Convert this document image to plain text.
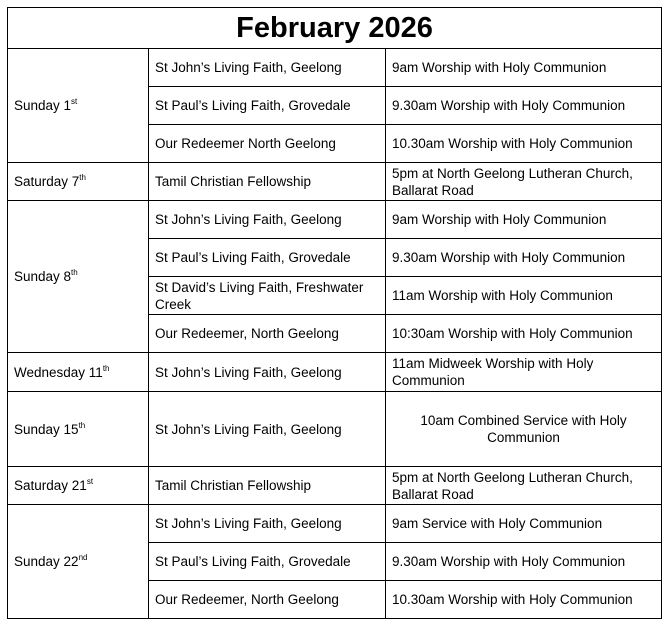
February 2026		
Sunday 1st	St John’s Living Faith, Geelong	9am Worship with Holy Communion
	St Paul’s Living Faith, Grovedale	9.30am Worship with Holy Communion
	Our Redeemer North Geelong	10.30am Worship with Holy Communion
Saturday 7th	Tamil Christian Fellowship	5pm at North Geelong Lutheran Church, Ballarat Road
Sunday 8th	St John’s Living Faith, Geelong	9am Worship with Holy Communion
	St Paul’s Living Faith, Grovedale	9.30am Worship with Holy Communion
	St David’s Living Faith, Freshwater Creek	11am Worship with Holy Communion
	Our Redeemer, North Geelong	10:30am Worship with Holy Communion
Wednesday 11th	St John’s Living Faith, Geelong	11am Midweek Worship with Holy Communion
Sunday 15th	St John’s Living Faith, Geelong	10am Combined Service with Holy Communion
Saturday 21st	Tamil Christian Fellowship	5pm at North Geelong Lutheran Church, Ballarat Road
Sunday 22nd	St John’s Living Faith, Geelong	9am Service with Holy Communion
	St Paul’s Living Faith, Grovedale	9.30am Worship with Holy Communion
	Our Redeemer, North Geelong	10.30am Worship with Holy Communion
